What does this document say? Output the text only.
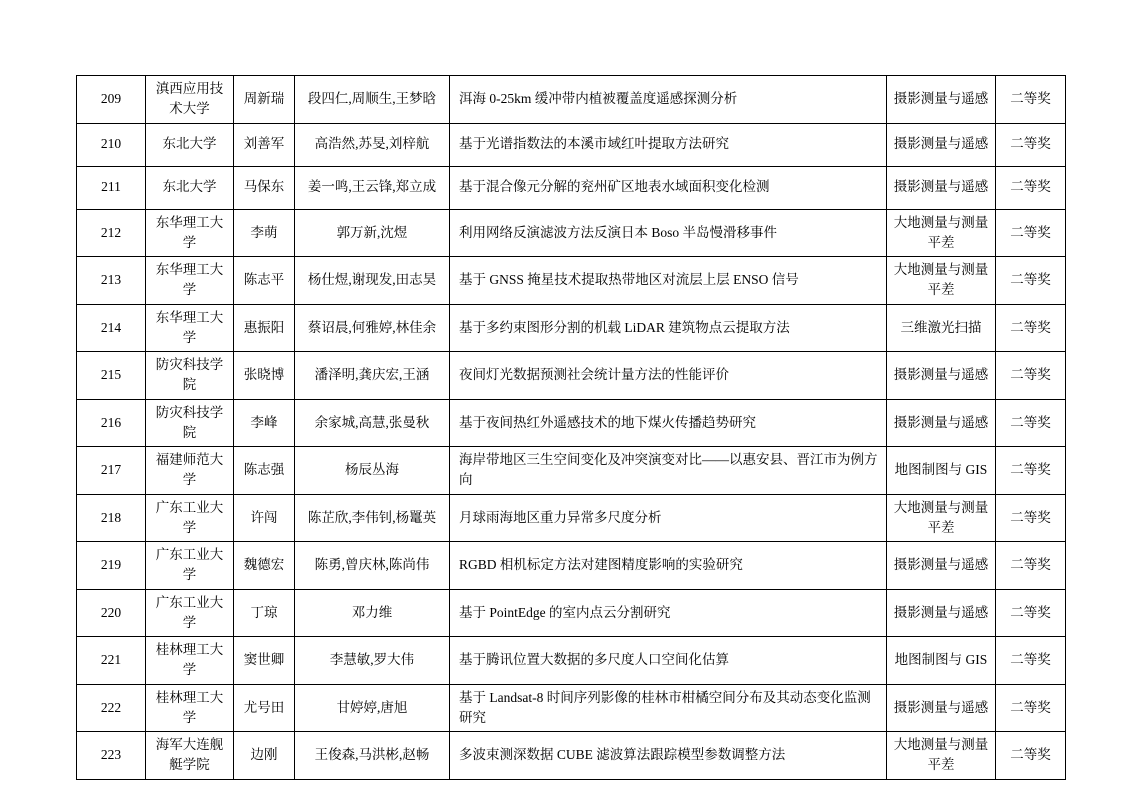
209	滇西应用技术大学	周新瑞	段四仁,周顺生,王梦晗	洱海 0-25km 缓冲带内植被覆盖度遥感探测分析	摄影测量与遥感	二等奖
210	东北大学	刘善军	高浩然,苏旻,刘梓航	基于光谱指数法的本溪市域红叶提取方法研究	摄影测量与遥感	二等奖
211	东北大学	马保东	姜一鸣,王云锋,郑立成	基于混合像元分解的兖州矿区地表水域面积变化检测	摄影测量与遥感	二等奖
212	东华理工大学	李萌	郭万新,沈煜	利用网络反演滤波方法反演日本 Boso 半岛慢滑移事件	大地测量与测量平差	二等奖
213	东华理工大学	陈志平	杨仕煜,谢现发,田志昊	基于 GNSS 掩星技术提取热带地区对流层上层 ENSO 信号	大地测量与测量平差	二等奖
214	东华理工大学	惠振阳	蔡诏晨,何雅婷,林佳余	基于多约束图形分割的机载 LiDAR 建筑物点云提取方法	三维激光扫描	二等奖
215	防灾科技学院	张晓博	潘泽明,龚庆宏,王涵	夜间灯光数据预测社会统计量方法的性能评价	摄影测量与遥感	二等奖
216	防灾科技学院	李峰	余家城,高慧,张曼秋	基于夜间热红外遥感技术的地下煤火传播趋势研究	摄影测量与遥感	二等奖
217	福建师范大学	陈志强	杨辰丛海	海岸带地区三生空间变化及冲突演变对比——以惠安县、晋江市为例方向	地图制图与 GIS	二等奖
218	广东工业大学	许闯	陈芷欣,李伟钊,杨鼍英	月球雨海地区重力异常多尺度分析	大地测量与测量平差	二等奖
219	广东工业大学	魏德宏	陈勇,曾庆林,陈尚伟	RGBD 相机标定方法对建图精度影响的实验研究	摄影测量与遥感	二等奖
220	广东工业大学	丁琼	邓力维	基于 PointEdge 的室内点云分割研究	摄影测量与遥感	二等奖
221	桂林理工大学	窦世卿	李慧敏,罗大伟	基于腾讯位置大数据的多尺度人口空间化估算	地图制图与 GIS	二等奖
222	桂林理工大学	尤号田	甘婷婷,唐旭	基于 Landsat-8 时间序列影像的桂林市柑橘空间分布及其动态变化监测研究	摄影测量与遥感	二等奖
223	海军大连舰艇学院	边刚	王俊森,马洪彬,赵畅	多波束测深数据 CUBE 滤波算法跟踪模型参数调整方法	大地测量与测量平差	二等奖
